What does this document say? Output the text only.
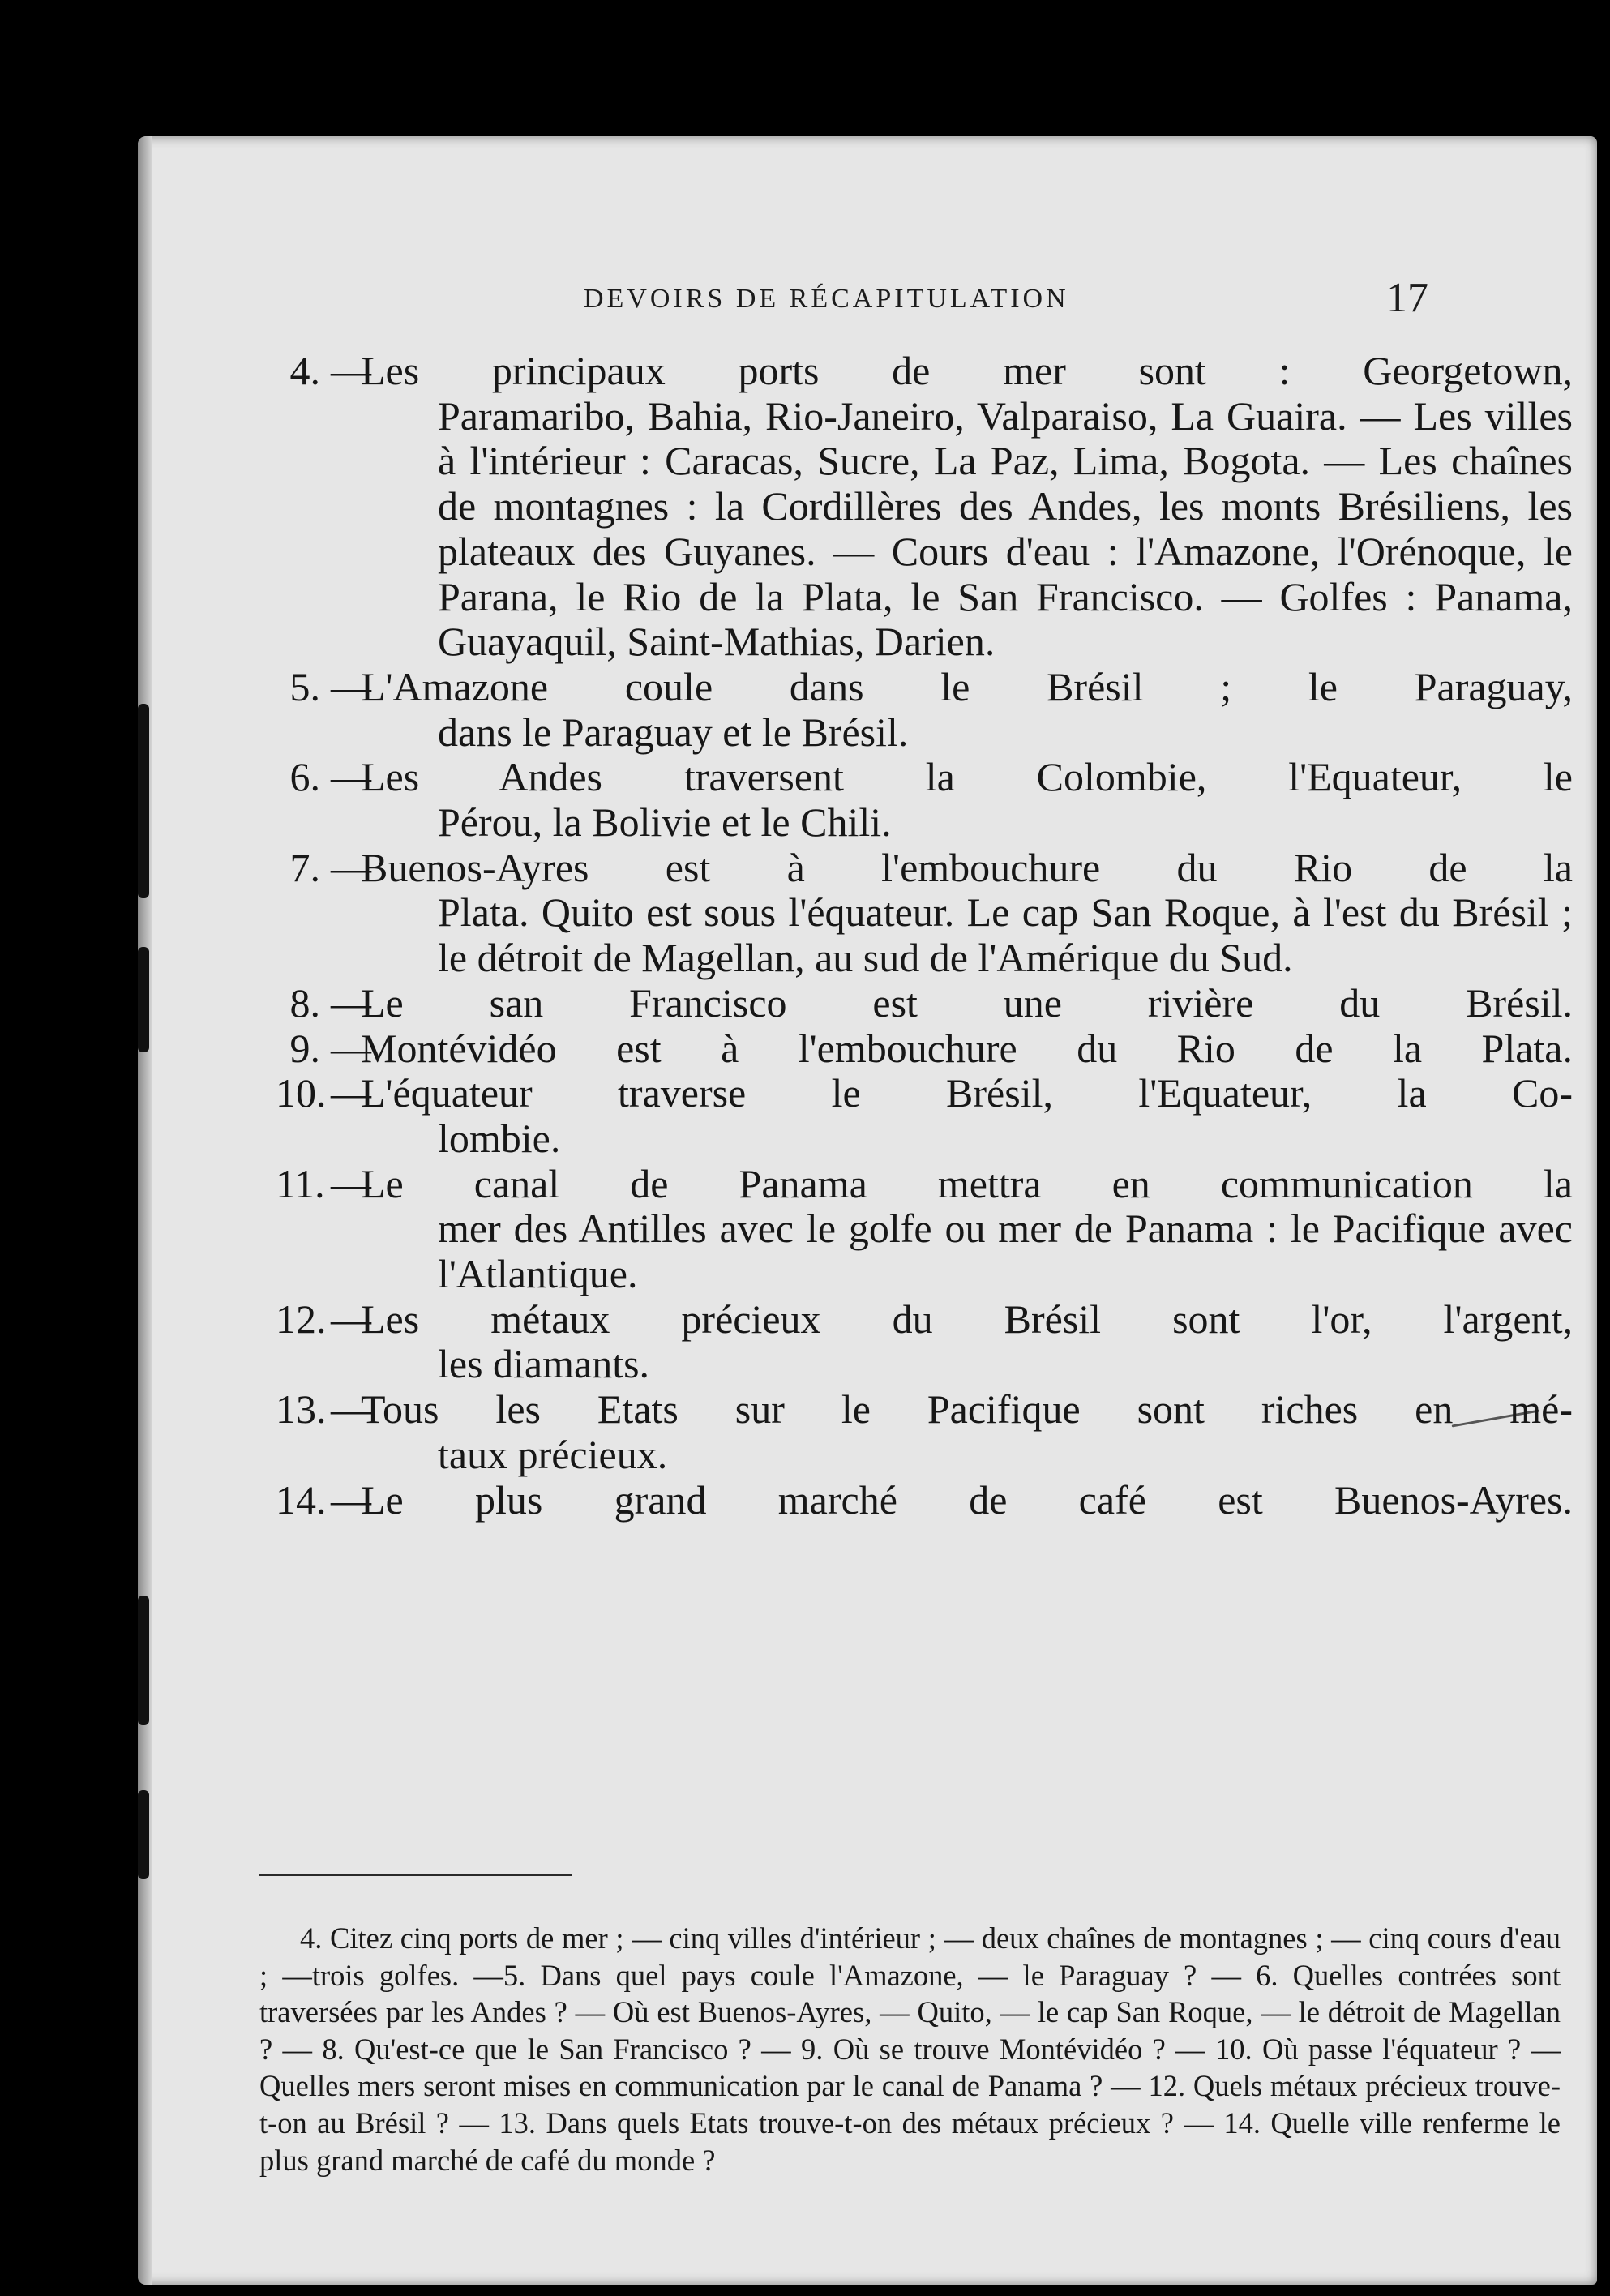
DEVOIRS DE RÉCAPITULATION	17
4. —
Les principaux ports de mer sont : Georgetown,
Paramaribo, Bahia, Rio-Janeiro, Valparaiso, La Guaira. — Les villes à l'intérieur : Caracas, Sucre, La Paz, Lima, Bogota. — Les chaînes de montagnes : la Cordillères des Andes, les monts Brésiliens, les plateaux des Guyanes. — Cours d'eau : l'Amazone, l'Orénoque, le Parana, le Rio de la Plata, le San Francisco. — Golfes : Panama, Guayaquil, Saint-Mathias, Darien.
5. —
L'Amazone coule dans le Brésil ; le Paraguay,
dans le Paraguay et le Brésil.
6. —
Les Andes traversent la Colombie, l'Equateur, le
Pérou, la Bolivie et le Chili.
7. —
Buenos-Ayres est à l'embouchure du Rio de la
Plata. Quito est sous l'équateur. Le cap San Roque, à l'est du Brésil ; le détroit de Magellan, au sud de l'Amérique du Sud.
8. —
Le san Francisco est une rivière du Brésil.
9. —
Montévidéo est à l'embouchure du Rio de la Plata.
10. —
L'équateur traverse le Brésil, l'Equateur, la Co-
lombie.
11. —
Le canal de Panama mettra en communication la
mer des Antilles avec le golfe ou mer de Panama : le Pacifique avec l'Atlantique.
12. —
Les métaux précieux du Brésil sont l'or, l'argent,
les diamants.
13. —
Tous les Etats sur le Pacifique sont riches en mé-
taux précieux.
14. —
Le plus grand marché de café est Buenos-Ayres.
4. Citez cinq ports de mer ; — cinq villes d'intérieur ; — deux chaînes de montagnes ; — cinq cours d'eau ; —trois golfes. —5. Dans quel pays coule l'Amazone, — le Paraguay ? — 6. Quelles contrées sont traversées par les Andes ? — Où est Buenos-Ayres, — Quito, — le cap San Roque, — le détroit de Magellan ? — 8. Qu'est-ce que le San Francisco ? — 9. Où se trouve Montévidéo ? — 10. Où passe l'équateur ? — Quelles mers seront mises en communication par le canal de Panama ? — 12. Quels métaux précieux trouve-t-on au Brésil ? — 13. Dans quels Etats trouve-t-on des métaux précieux ? — 14. Quelle ville renferme le plus grand marché de café du monde ?
